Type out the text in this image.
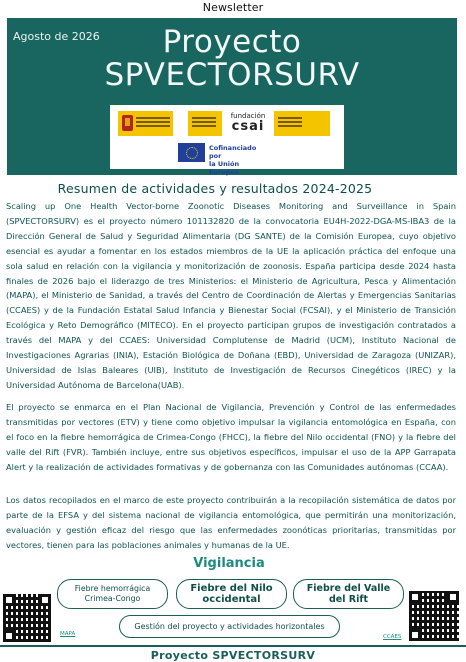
Newsletter
Agosto de 2026	Proyecto
SPVECTORSURV
fundación
csai
Cofinanciado por
la Unión Europea
Resumen de actividades y resultados 2024-2025

Scaling up One Health Vector-borne Zoonotic Diseases Monitoring and Surveillance in Spain (SPVECTORSURV) es el proyecto número 101132820 de la convocatoria EU4H-2022-DGA-MS-IBA3 de la Dirección General de Salud y Seguridad Alimentaria (DG SANTE) de la Comisión Europea, cuyo objetivo esencial es ayudar a fomentar en los estados miembros de la UE la aplicación práctica del enfoque una sola salud en relación con la vigilancia y monitorización de zoonosis. España participa desde 2024 hasta finales de 2026 bajo el liderazgo de tres Ministerios: el Ministerio de Agricultura, Pesca y Alimentación (MAPA), el Ministerio de Sanidad, a través del Centro de Coordinación de Alertas y Emergencias Sanitarias (CCAES) y de la Fundación Estatal Salud Infancia y Bienestar Social (FCSAI), y el Ministerio de Transición Ecológica y Reto Demográfico (MITECO). En el proyecto participan grupos de investigación contratados a través del MAPA y del CCAES: Universidad Complutense de Madrid (UCM), Instituto Nacional de Investigaciones Agrarias (INIA), Estación Biológica de Doñana (EBD), Universidad de Zaragoza (UNIZAR), Universidad de Islas Baleares (UIB), Instituto de Investigación de Recursos Cinegéticos (IREC) y la Universidad Autónoma de Barcelona(UAB).

El proyecto se enmarca en el Plan Nacional de Vigilancia, Prevención y Control de las enfermedades transmitidas por vectores (ETV) y tiene como objetivo impulsar la vigilancia entomológica en España, con el foco en la fiebre hemorrágica de Crimea-Congo (FHCC), la fiebre del Nilo occidental (FNO) y la fiebre del valle del Rift (FVR). También incluye, entre sus objetivos específicos, impulsar el uso de la APP Garrapata Alert y la realización de actividades formativas y de gobernanza con las Comunidades autónomas (CCAA).

Los datos recopilados en el marco de este proyecto contribuirán a la recopilación sistemática de datos por parte de la EFSA y del sistema nacional de vigilancia entomológica, que permitirán una monitorización, evaluación y gestión eficaz del riesgo que las enfermedades zoonóticas prioritarias, transmitidas por vectores, tienen para las poblaciones animales y humanas de la UE.

Vigilancia
MAPA
Fiebre hemorrágica Crimea-Congo
Fiebre del Nilo occidental
Fiebre del Valle del Rift
Gestión del proyecto y actividades horizontales
CCAES
Proyecto SPVECTORSURV
